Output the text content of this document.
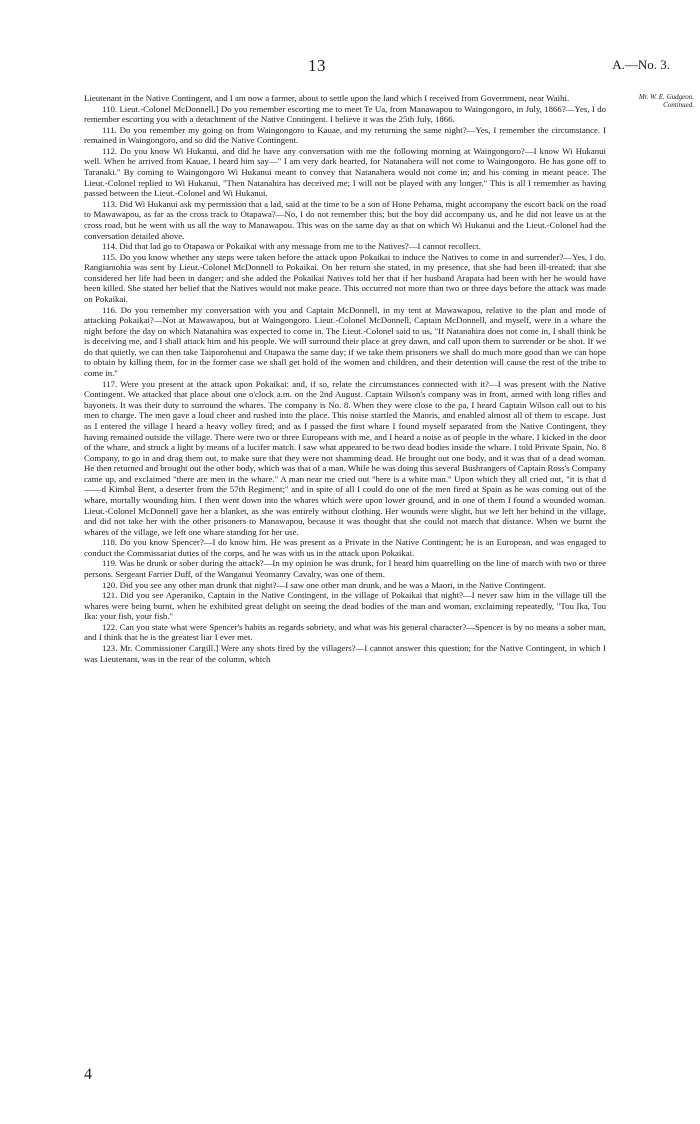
13	A.—No. 3.
Mr. W. E. Gudgeon.
Continued.

Lieutenant in the Native Contingent, and I am now a farmer, about to settle upon the land which I received from Government, near Waihi.

110. Lieut.-Colonel McDonnell.] Do you remember escorting me to meet Te Ua, from Manawapou to Waingongoro, in July, 1866?—Yes, I do remember escorting you with a detachment of the Native Contingent. I believe it was the 25th July, 1866.

111. Do you remember my going on from Waingongoro to Kauae, and my returning the same night?—Yes, I remember the circumstance. I remained in Waingongoro, and so did the Native Contingent.

112. Do you know Wi Hukanui, and did he have any conversation with me the following morning at Waingongoro?—I know Wi Hukanui well. When he arrived from Kauae, I heard him say—" I am very dark hearted, for Natanahera will not come to Waingongoro. He has gone off to Taranaki." By coming to Waingongoro Wi Hukanui meant to convey that Natanahera would not come in; and his coming in meant peace. The Lieut.-Colonel replied to Wi Hukanui, "Then Natanahira has deceived me; I will not be played with any longer." This is all I remember as having passed between the Lieut.-Colonel and Wi Hukanui.

113. Did Wi Hukanui ask my permission that a lad, said at the time to be a son of Hone Pehama, might accompany the escort back on the road to Mawawapou, as far as the cross track to Otapawa?—No, I do not remember this; but the boy did accompany us, and he did not leave us at the cross road, but he went with us all the way to Manawapou. This was on the same day as that on which Wi Hukanui and the Lieut.-Colonel had the conversation detailed above.

114. Did that lad go to Otapawa or Pokaikai with any message from me to the Natives?—I cannot recollect.

115. Do you know whether any steps were taken before the attack upon Pokaikai to induce the Natives to come in and surrender?—Yes, I do. Rangiamohia was sent by Lieut.-Colonel McDonnell to Pokaikai. On her return she stated, in my presence, that she had been ill-treated; that she considered her life had been in danger; and she added the Pokaikai Natives told her that if her husband Arapata had been with her he would have been killed. She stated her belief that the Natives would not make peace. This occurred not more than two or three days before the attack was made on Pokaikai.

116. Do you remember my conversation with you and Captain McDonnell, in my tent at Mawawapou, relative to the plan and mode of attacking Pokaikai?—Not at Mawawapou, but at Waingongoro. Lieut.-Colonel McDonnell, Captain McDonnell, and myself, were in a whare the night before the day on which Natanahira was expected to come in. The Lieut.-Colonel said to us, "If Natanahira does not come in, I shall think he is deceiving me, and I shall attack him and his people. We will surround their place at grey dawn, and call upon them to surrender or be shot. If we do that quietly, we can then take Taiporohenui and Otapawa the same day; if we take them prisoners we shall do much more good than we can hope to obtain by killing them, for in the former case we shall get hold of the women and children, and their detention will cause the rest of the tribe to come in."

117. Were you present at the attack upon Pokaikai: and, if so, relate the circumstances connected with it?—I was present with the Native Contingent. We attacked that place about one o'clock a.m. on the 2nd August. Captain Wilson's company was in front, armed with long rifles and bayonets. It was their duty to surround the whares. The company is No. 8. When they were close to the pa, I heard Captain Wilson call out to his men to charge. The men gave a loud cheer and rushed into the place. This noise startled the Maoris, and enabled almost all of them to escape. Just as I entered the village I heard a heavy volley fired; and as I passed the first whare I found myself separated from the Native Contingent, they having remained outside the village. There were two or three Europeans with me, and I heard a noise as of people in the whare. I kicked in the door of the whare, and struck a light by means of a lucifer match. I saw what appeared to be two dead bodies inside the whare. I told Private Spain, No. 8 Company, to go in and drag them out, to make sure that they were not shamming dead. He brought out one body, and it was that of a dead woman. He then returned and brought out the other body, which was that of a man. While he was doing this several Bushrangers of Captain Ross's Company came up, and exclaimed "there are men in the whare." A man near me cried out "here is a white man." Upon which they all cried out, "it is that d——d Kimbal Bent, a deserter from the 57th Regiment;" and in spite of all I could do one of the men fired at Spain as he was coming out of the whare, mortally wounding him. I then went down into the whares which were upon lower ground, and in one of them I found a wounded woman. Lieut.-Colonel McDonnell gave her a blanket, as she was entirely without clothing. Her wounds were slight, but we left her behind in the village, and did not take her with the other prisoners to Manawapou, because it was thought that she could not march that distance. When we burnt the whares of the village, we left one whare standing for her use.

118. Do you know Spencer?—I do know him. He was present as a Private in the Native Contingent; he is an European, and was engaged to conduct the Commissariat duties of the corps, and he was with us in the attack upon Pokaikai.

119. Was he drunk or sober during the attack?—In my opinion he was drunk, for I heard him quarrelling on the line of march with two or three persons. Sergeant Farrier Duff, of the Wanganui Yeomanry Cavalry, was one of them.

120. Did you see any other man drunk that night?—I saw one other man drunk, and he was a Maori, in the Native Contingent.

121. Did you see Aperaniko, Captain in the Native Contingent, in the village of Pokaikai that night?—I never saw him in the village till the whares were being burnt, when he exhibited great delight on seeing the dead bodies of the man and woman, exclaiming repeatedly, "Tou Ika, Tou Ika: your fish, your fish."

122. Can you state what were Spencer's habits as regards sobriety, and what was his general character?—Spencer is by no means a sober man, and I think that he is the greatest liar I ever met.

123. Mr. Commissioner Cargill.] Were any shots fired by the villagers?—I cannot answer this question; for the Native Contingent, in which I was Lieutenant, was in the rear of the column, which

4
